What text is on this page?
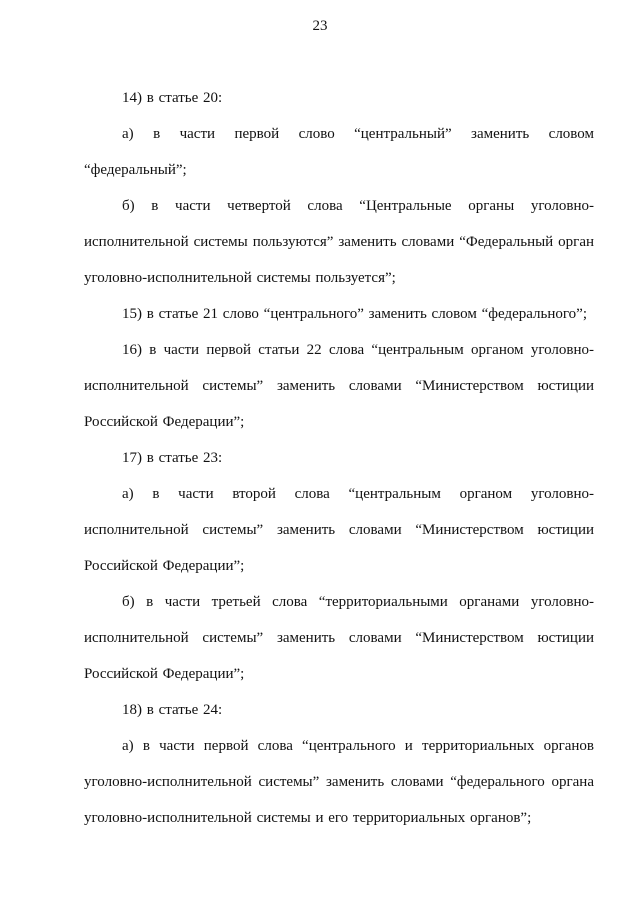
23

14) в статье 20:

а) в части первой слово “центральный” заменить словом “федеральный”;

б) в части четвертой слова “Центральные органы уголовно-исполнительной системы пользуются” заменить словами “Федеральный орган уголовно-исполнительной системы пользуется”;

15) в статье 21 слово “центрального” заменить словом “федерального”;

16) в части первой статьи 22 слова “центральным органом уголовно-исполнительной системы” заменить словами “Министерством юстиции Российской Федерации”;

17) в статье 23:

а) в части второй слова “центральным органом уголовно-исполнительной системы” заменить словами “Министерством юстиции Российской Федерации”;

б) в части третьей слова “территориальными органами уголовно-исполнительной системы” заменить словами “Министерством юстиции Российской Федерации”;

18) в статье 24:

а) в части первой слова “центрального и территориальных органов уголовно-исполнительной системы” заменить словами “федерального органа уголовно-исполнительной системы и его территориальных органов”;
